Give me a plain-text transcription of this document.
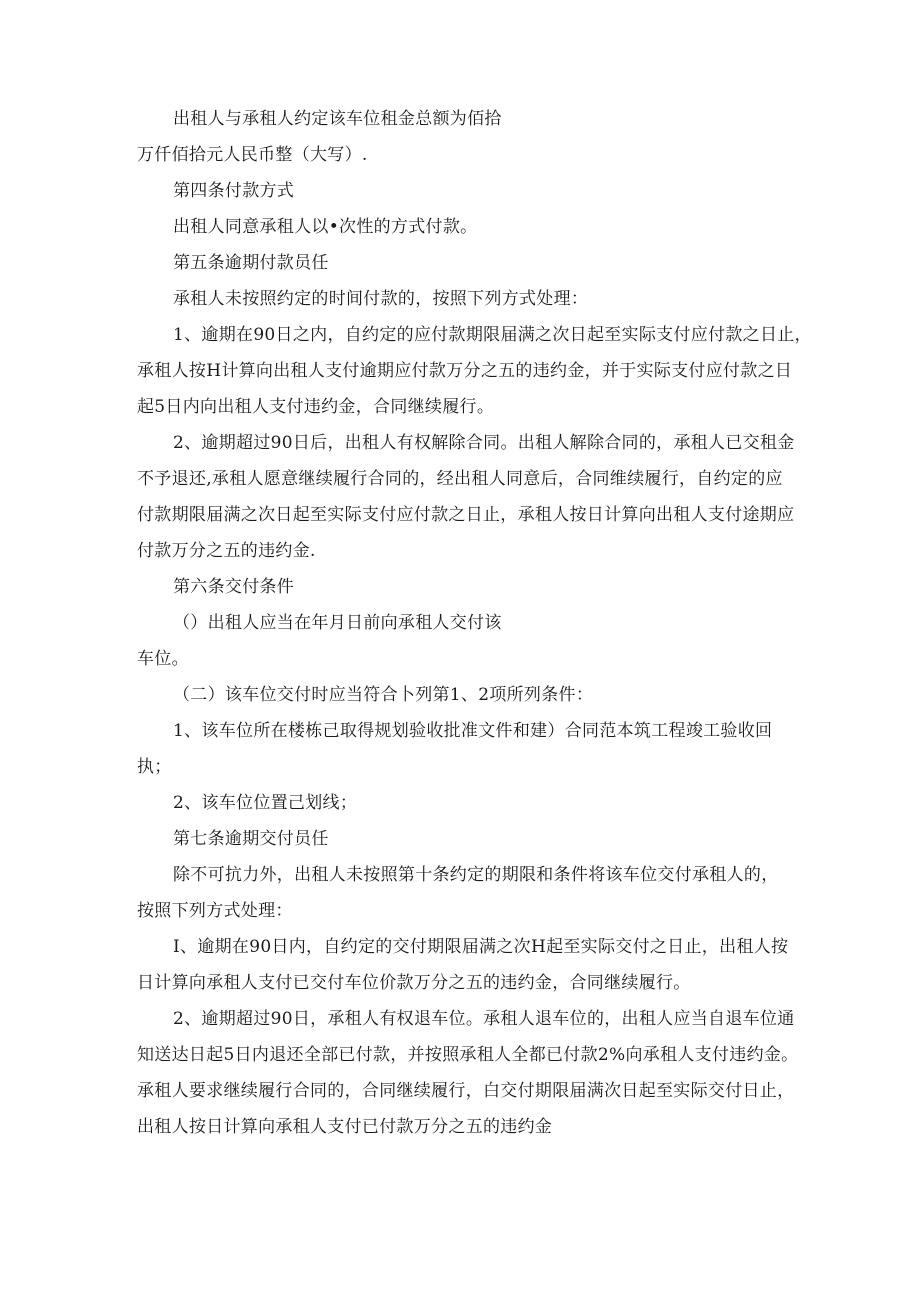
出租人与承租人约定该车位租金总额为佰拾

万仟佰拾元人民币整（大写）.

第四条付款方式

出租人同意承租人以•次性的方式付款。

第五条逾期付款员任

承租人未按照约定的时间付款的，按照下列方式处理：

1、逾期在90日之内，自约定的应付款期限届满之次日起至实际支付应付款之日止，

承租人按H计算向出租人支付逾期应付款万分之五的违约金，并于实际支付应付款之日

起5日内向出租人支付违约金，合同继续履行。

2、逾期超过90日后，出租人有权解除合同。出租人解除合同的，承租人已交租金

不予退还,承租人愿意继续履行合同的，经出租人同意后，合同维续履行，自约定的应

付款期限届满之次日起至实际支付应付款之日止，承租人按日计算向出租人支付途期应

付款万分之五的违约金.

第六条交付条件

（）出租人应当在年月日前向承租人交付该

车位。

（二）该车位交付时应当符合卜列第1、2项所列条件：

1、该车位所在楼栋己取得规划验收批准文件和建）合同范本筑工程竣工验收回

执；

2、该车位位置己划线；

第七条逾期交付员任

除不可抗力外，出租人未按照第十条约定的期限和条件将该车位交付承租人的，

按照下列方式处理：

I、逾期在90日内，自约定的交付期限届满之次H起至实际交付之日止，出租人按

日计算向承租人支付已交付车位价款万分之五的违约金，合同继续履行。

2、逾期超过90日，承租人有权退车位。承租人退车位的，出租人应当自退车位通

知送达日起5日内退还全部已付款，并按照承租人全都已付款2%向承租人支付违约金。

承租人要求继续履行合同的，合同继续履行，白交付期限届满次日起至实际交付日止，

出租人按日计算向承租人支付已付款万分之五的违约金
